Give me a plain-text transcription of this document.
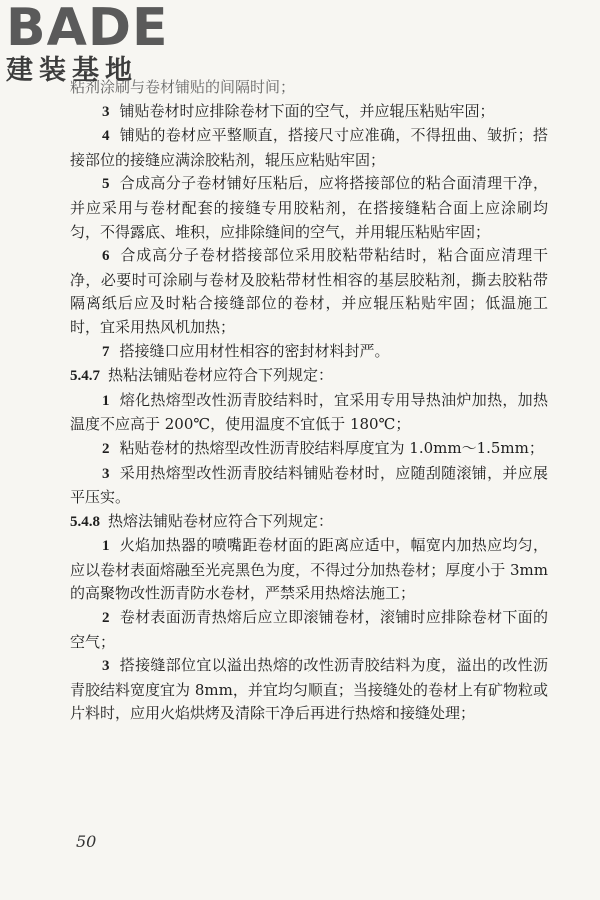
BADE
建装基地

粘剂涂刷与卷材铺贴的间隔时间；

3 铺贴卷材时应排除卷材下面的空气，并应辊压粘贴牢固；

4 铺贴的卷材应平整顺直，搭接尺寸应准确，不得扭曲、皱折；搭接部位的接缝应满涂胶粘剂，辊压应粘贴牢固；

5 合成高分子卷材铺好压粘后，应将搭接部位的粘合面清理干净，并应采用与卷材配套的接缝专用胶粘剂，在搭接缝粘合面上应涂刷均匀，不得露底、堆积，应排除缝间的空气，并用辊压粘贴牢固；

6 合成高分子卷材搭接部位采用胶粘带粘结时，粘合面应清理干净，必要时可涂刷与卷材及胶粘带材性相容的基层胶粘剂，撕去胶粘带隔离纸后应及时粘合接缝部位的卷材，并应辊压粘贴牢固；低温施工时，宜采用热风机加热；

7 搭接缝口应用材性相容的密封材料封严。

5.4.7 热粘法铺贴卷材应符合下列规定：

1 熔化热熔型改性沥青胶结料时，宜采用专用导热油炉加热，加热温度不应高于 200℃，使用温度不宜低于 180℃；

2 粘贴卷材的热熔型改性沥青胶结料厚度宜为 1.0mm～1.5mm；

3 采用热熔型改性沥青胶结料铺贴卷材时，应随刮随滚铺，并应展平压实。

5.4.8 热熔法铺贴卷材应符合下列规定：

1 火焰加热器的喷嘴距卷材面的距离应适中，幅宽内加热应均匀，应以卷材表面熔融至光亮黑色为度，不得过分加热卷材；厚度小于 3mm 的高聚物改性沥青防水卷材，严禁采用热熔法施工；

2 卷材表面沥青热熔后应立即滚铺卷材，滚铺时应排除卷材下面的空气；

3 搭接缝部位宜以溢出热熔的改性沥青胶结料为度，溢出的改性沥青胶结料宽度宜为 8mm，并宜均匀顺直；当接缝处的卷材上有矿物粒或片料时，应用火焰烘烤及清除干净后再进行热熔和接缝处理；

50
